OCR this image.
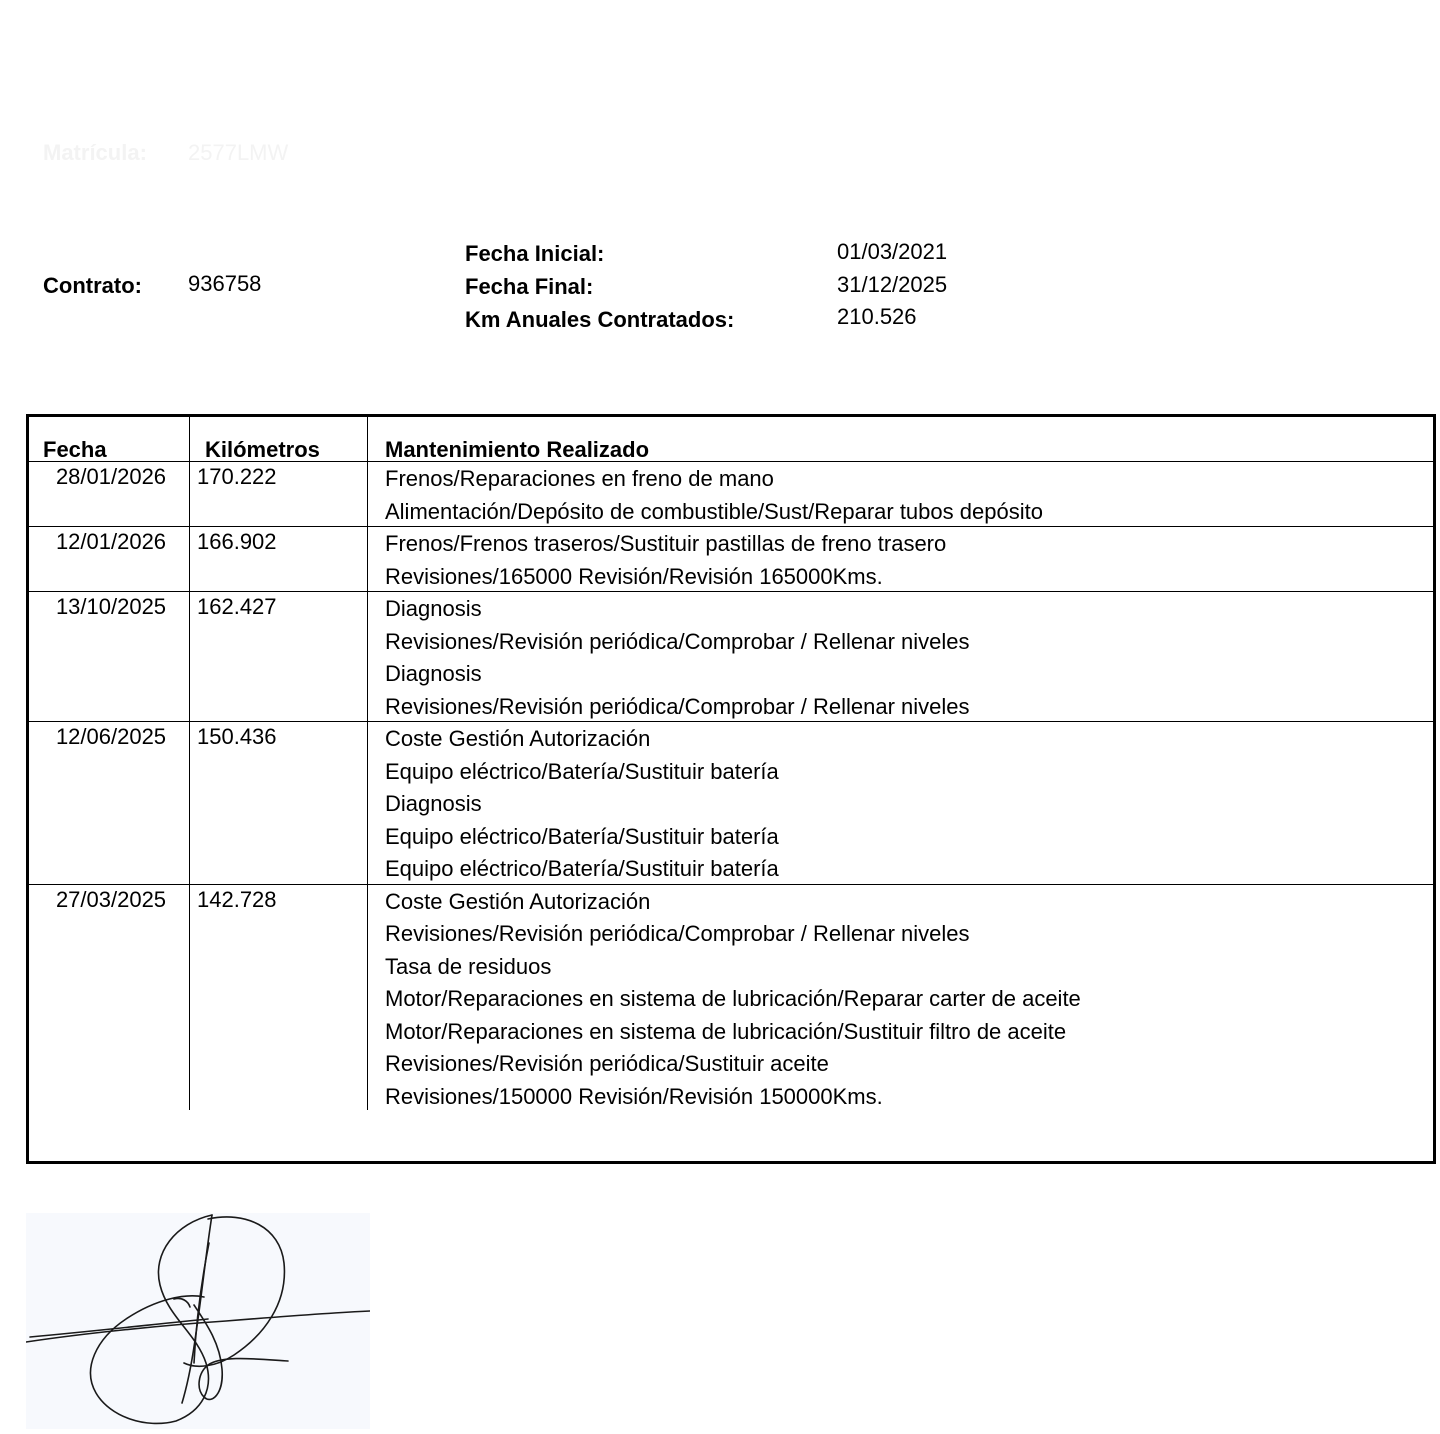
Matrícula: 2577LMW
Contrato: 936758
Fecha Inicial:	01/03/2021
Fecha Final:	31/12/2025
Km Anuales Contratados:	210.526
Fecha	Kilómetros	Mantenimiento Realizado
28/01/2026	170.222	Frenos/Reparaciones en freno de mano
Alimentación/Depósito de combustible/Sust/Reparar tubos depósito
12/01/2026	166.902	Frenos/Frenos traseros/Sustituir pastillas de freno trasero
Revisiones/165000 Revisión/Revisión 165000Kms.
13/10/2025	162.427	Diagnosis
Revisiones/Revisión periódica/Comprobar / Rellenar niveles
Diagnosis
Revisiones/Revisión periódica/Comprobar / Rellenar niveles
12/06/2025	150.436	Coste Gestión Autorización
Equipo eléctrico/Batería/Sustituir batería
Diagnosis
Equipo eléctrico/Batería/Sustituir batería
Equipo eléctrico/Batería/Sustituir batería
27/03/2025	142.728	Coste Gestión Autorización
Revisiones/Revisión periódica/Comprobar / Rellenar niveles
Tasa de residuos
Motor/Reparaciones en sistema de lubricación/Reparar carter de aceite
Motor/Reparaciones en sistema de lubricación/Sustituir filtro de aceite
Revisiones/Revisión periódica/Sustituir aceite
Revisiones/150000 Revisión/Revisión 150000Kms.
